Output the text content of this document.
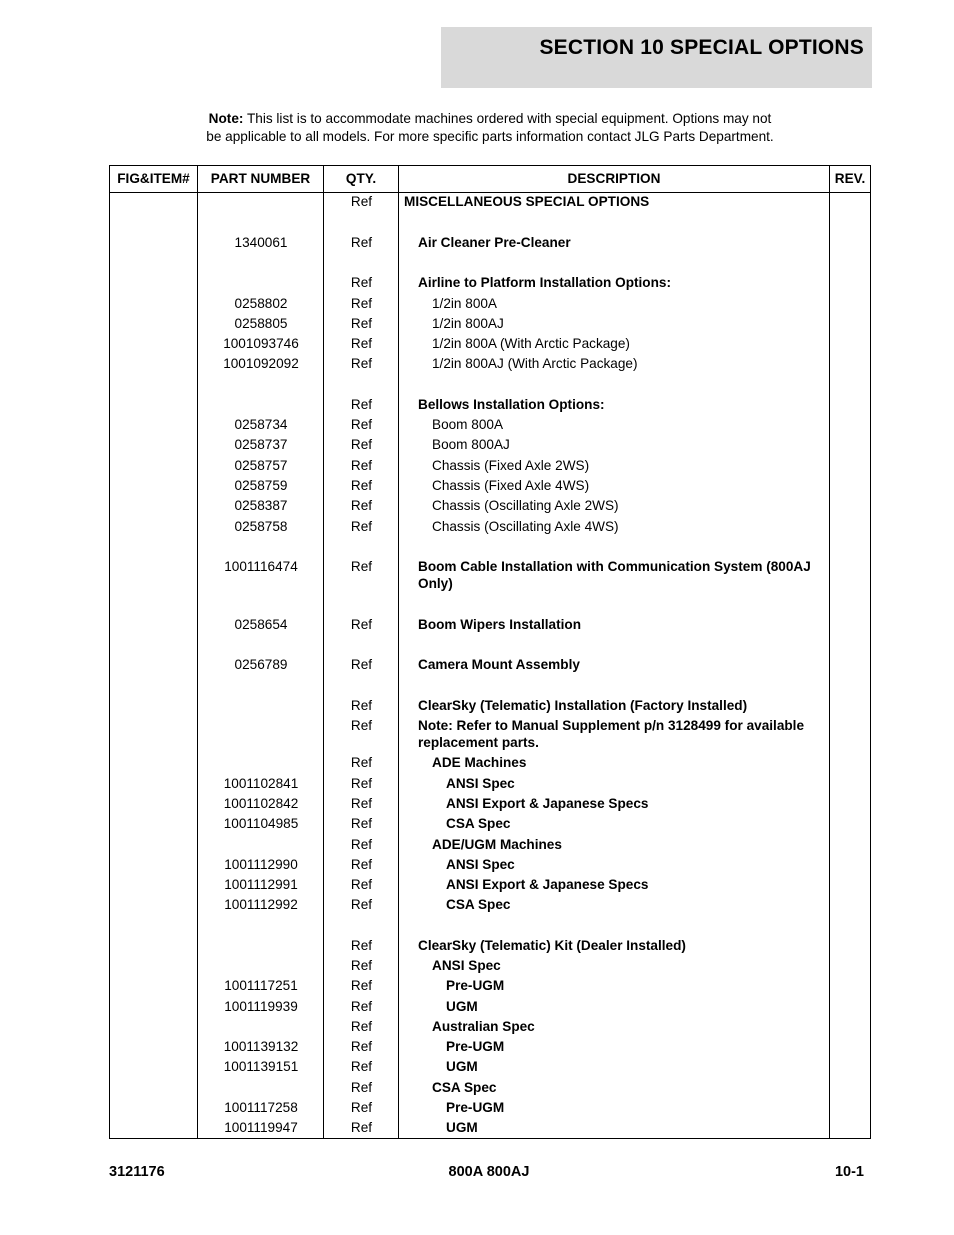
SECTION 10 SPECIAL OPTIONS
Note: This list is to accommodate machines ordered with special equipment. Options may not
be applicable to all models. For more specific parts information contact JLG Parts Department.
FIG&ITEM#	PART NUMBER	QTY.	DESCRIPTION	REV.
Ref	MISCELLANEOUS SPECIAL OPTIONS
1340061	Ref	Air Cleaner Pre-Cleaner
Ref	Airline to Platform Installation Options:
0258802	Ref	1/2in 800A
0258805	Ref	1/2in 800AJ
1001093746	Ref	1/2in 800A (With Arctic Package)
1001092092	Ref	1/2in 800AJ (With Arctic Package)
Ref	Bellows Installation Options:
0258734	Ref	Boom 800A
0258737	Ref	Boom 800AJ
0258757	Ref	Chassis (Fixed Axle 2WS)
0258759	Ref	Chassis (Fixed Axle 4WS)
0258387	Ref	Chassis (Oscillating Axle 2WS)
0258758	Ref	Chassis (Oscillating Axle 4WS)
1001116474	Ref	Boom Cable Installation with Communication System (800AJ Only)
0258654	Ref	Boom Wipers Installation
0256789	Ref	Camera Mount Assembly
Ref	ClearSky (Telematic) Installation (Factory Installed)
Ref	Note: Refer to Manual Supplement p/n 3128499 for available replacement parts.
Ref	ADE Machines
1001102841	Ref	ANSI Spec
1001102842	Ref	ANSI Export & Japanese Specs
1001104985	Ref	CSA Spec
Ref	ADE/UGM Machines
1001112990	Ref	ANSI Spec
1001112991	Ref	ANSI Export & Japanese Specs
1001112992	Ref	CSA Spec
Ref	ClearSky (Telematic) Kit (Dealer Installed)
Ref	ANSI Spec
1001117251	Ref	Pre-UGM
1001119939	Ref	UGM
Ref	Australian Spec
1001139132	Ref	Pre-UGM
1001139151	Ref	UGM
Ref	CSA Spec
1001117258	Ref	Pre-UGM
1001119947	Ref	UGM
3121176	800A 800AJ	10-1
